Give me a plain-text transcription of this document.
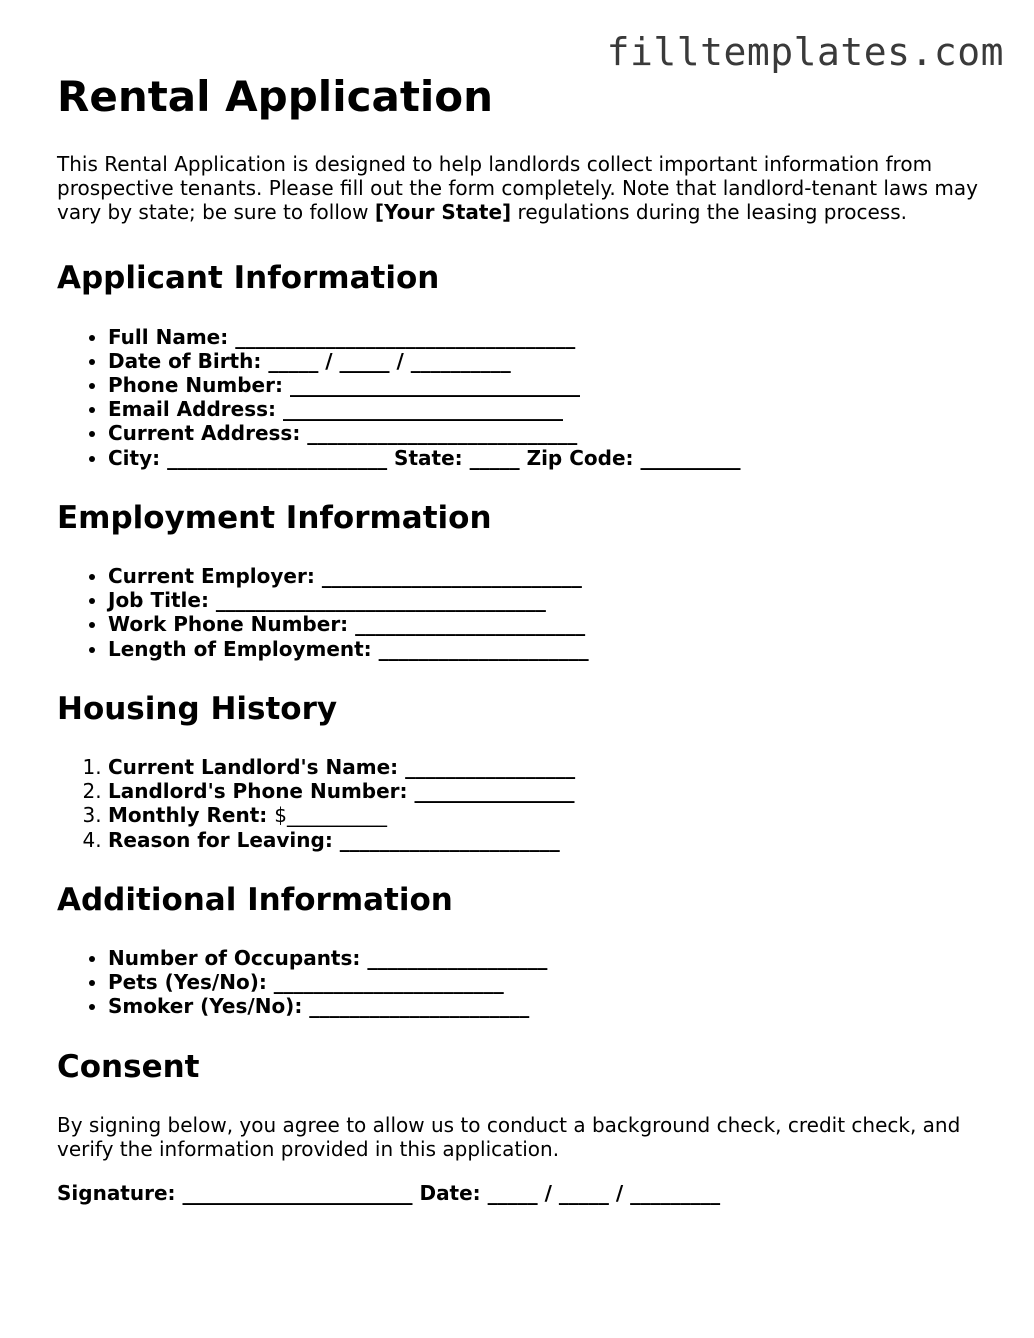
filltemplates.com
Rental Application

This Rental Application is designed to help landlords collect important information from prospective tenants. Please fill out the form completely. Note that landlord-tenant laws may vary by state; be sure to follow [Your State] regulations during the leasing process.

Applicant Information
• Full Name: __________________________________
• Date of Birth: _____ / _____ / __________
• Phone Number: _____________________________
• Email Address: ____________________________
• Current Address: ___________________________
• City: ______________________ State: _____ Zip Code: __________
Employment Information
• Current Employer: __________________________
• Job Title: _________________________________
• Work Phone Number: _______________________
• Length of Employment: _____________________
Housing History
1. Current Landlord's Name: _________________
2. Landlord's Phone Number: ________________
3. Monthly Rent: $__________
4. Reason for Leaving: ______________________
Additional Information
• Number of Occupants: __________________
• Pets (Yes/No): _______________________
• Smoker (Yes/No): ______________________
Consent

By signing below, you agree to allow us to conduct a background check, credit check, and verify the information provided in this application.

Signature: _______________________ Date: _____ / _____ / _________
